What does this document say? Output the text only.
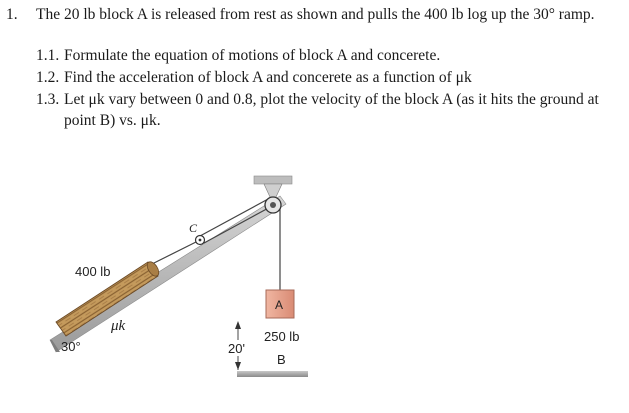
1. The 20 lb block A is released from rest as shown and pulls the 400 lb log up the 30° ramp.
1.1. Formulate the equation of motions of block A and concerete.
1.2. Find the acceleration of block A and concerete as a function of μk
1.3. Let μk vary between 0 and 0.8, plot the velocity of the block A (as it hits the ground at
point B) vs. μk.
400 lb
μk
30°
C
A
250 lb
20'
B
